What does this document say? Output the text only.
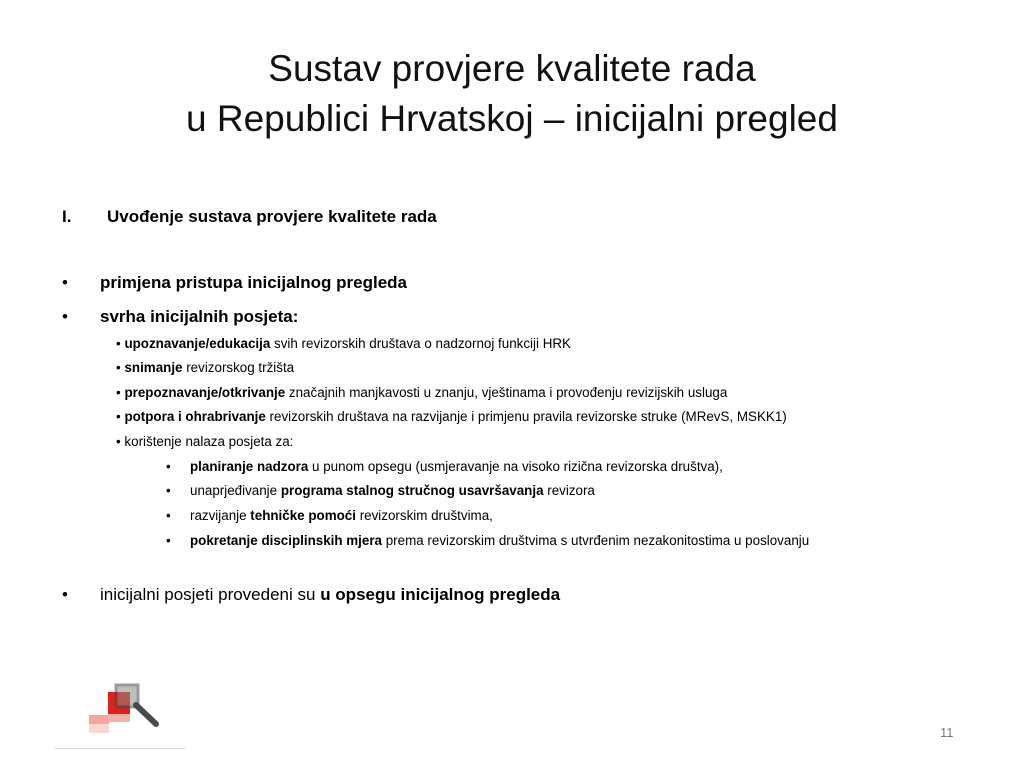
Sustav provjere kvalitete rada
u Republici Hrvatskoj – inicijalni pregled
I. Uvođenje sustava provjere kvalitete rada
• primjena pristupa inicijalnog pregleda
• svrha inicijalnih posjeta:
• upoznavanje/edukacija svih revizorskih društava o nadzornoj funkciji HRK
• snimanje revizorskog tržišta
• prepoznavanje/otkrivanje značajnih manjkavosti u znanju, vještinama i provođenju revizijskih usluga
• potpora i ohrabrivanje revizorskih društava na razvijanje i primjenu pravila revizorske struke (MRevS, MSKK1)
• korištenje nalaza posjeta za:
• planiranje nadzora u punom opsegu (usmjeravanje na visoko rizična revizorska društva),
• unaprjeđivanje programa stalnog stručnog usavršavanja revizora
• razvijanje tehničke pomoći revizorskim društvima,
• pokretanje disciplinskih mjera prema revizorskim društvima s utvrđenim nezakonitostima u poslovanju
• inicijalni posjeti provedeni su u opsegu inicijalnog pregleda
11
